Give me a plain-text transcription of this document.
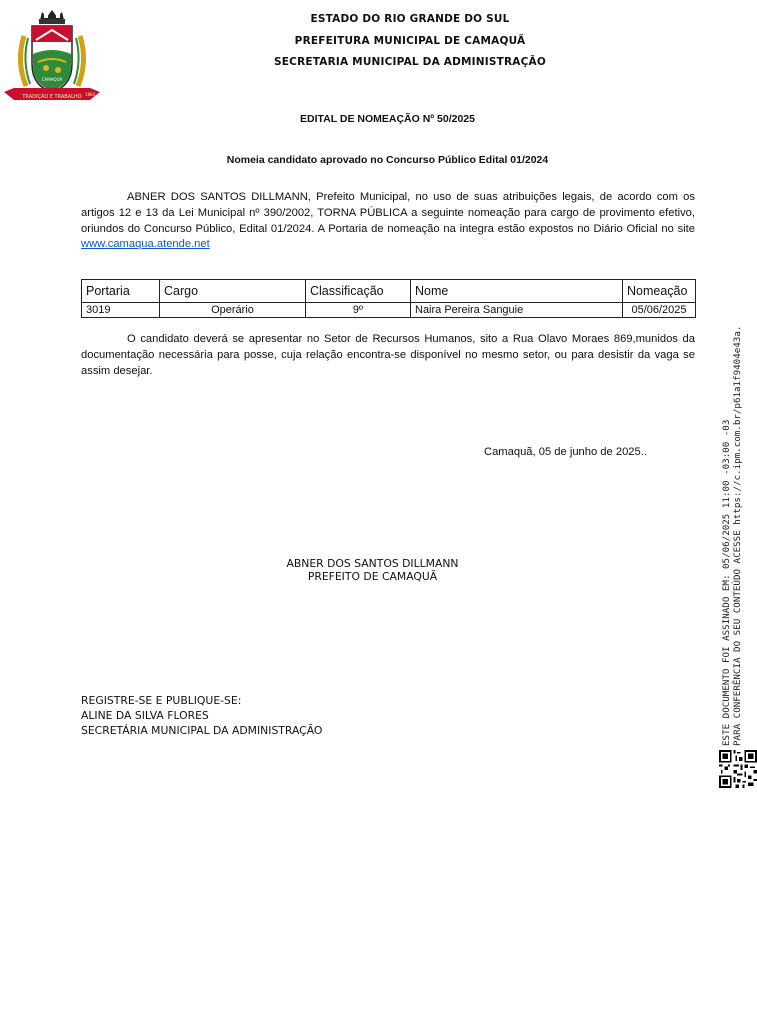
TRADIÇÃO E TRABALHO 1864
CAMAQUÃ
ESTADO DO RIO GRANDE DO SUL
PREFEITURA MUNICIPAL DE CAMAQUÃ
SECRETARIA MUNICIPAL DA ADMINISTRAÇÃO
EDITAL DE NOMEAÇÃO Nº 50/2025
Nomeia candidato aprovado no Concurso Público Edital 01/2024
ABNER DOS SANTOS DILLMANN, Prefeito Municipal, no uso de suas atribuições legais, de acordo com os artigos 12 e 13 da Lei Municipal nº 390/2002, TORNA PÚBLICA a seguinte nomeação para cargo de provimento efetivo, oriundos do Concurso Público, Edital 01/2024. A Portaria de nomeação na integra estão expostos no Diário Oficial no site www.camaqua.atende.net
Portaria	Cargo	Classificação	Nome	Nomeação
3019	Operário	9º	Naira Pereira Sanguie	05/06/2025
O candidato deverá se apresentar no Setor de Recursos Humanos, sito a Rua Olavo Moraes 869,munidos da documentação necessária para posse, cuja relação encontra-se disponível no mesmo setor, ou para desistir da vaga se assim desejar.
Camaquã, 05 de junho de 2025..
ABNER DOS SANTOS DILLMANN
PREFEITO DE CAMAQUÃ
REGISTRE-SE E PUBLIQUE-SE:
ALINE DA SILVA FLORES
SECRETÁRIA MUNICIPAL DA ADMINISTRAÇÃO	ESTE DOCUMENTO FOI ASSINADO EM: 05/06/2025 11:00 -03:00 -03 PARA CONFERÊNCIA DO SEU CONTEÚDO ACESSE https://c.ipm.com.br/p61a1f9404e43a.
